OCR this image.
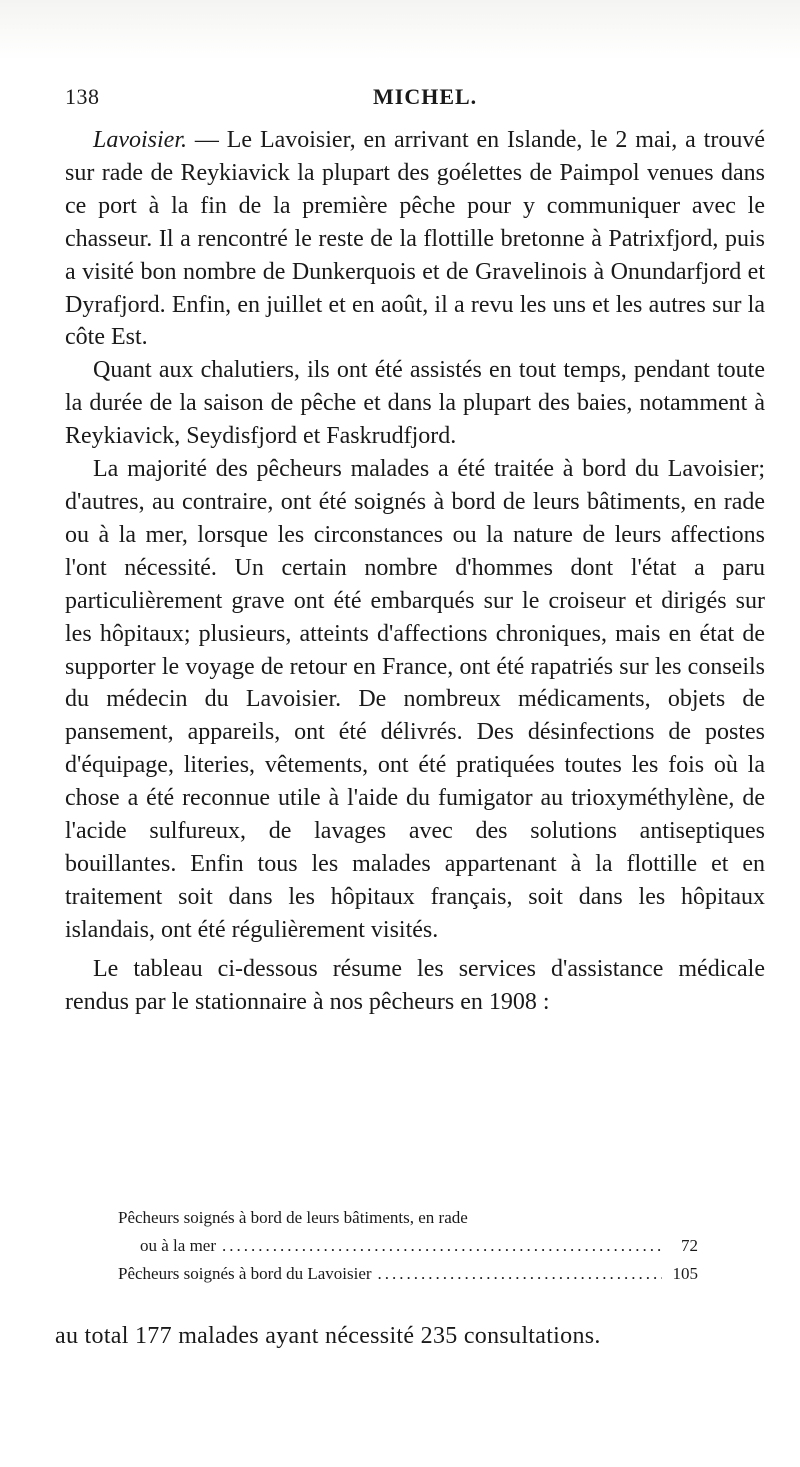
138	MICHEL.

Lavoisier. — Le Lavoisier, en arrivant en Islande, le 2 mai, a trouvé sur rade de Reykiavick la plupart des goélettes de Paimpol venues dans ce port à la fin de la première pêche pour y communiquer avec le chasseur. Il a rencontré le reste de la flottille bretonne à Patrixfjord, puis a visité bon nombre de Dunkerquois et de Gravelinois à Onundarfjord et Dyrafjord. Enfin, en juillet et en août, il a revu les uns et les autres sur la côte Est.

Quant aux chalutiers, ils ont été assistés en tout temps, pendant toute la durée de la saison de pêche et dans la plupart des baies, notamment à Reykiavick, Seydisfjord et Faskrudfjord.

La majorité des pêcheurs malades a été traitée à bord du Lavoisier; d'autres, au contraire, ont été soignés à bord de leurs bâtiments, en rade ou à la mer, lorsque les circonstances ou la nature de leurs affections l'ont nécessité. Un certain nombre d'hommes dont l'état a paru particulièrement grave ont été embarqués sur le croiseur et dirigés sur les hôpitaux; plusieurs, atteints d'affections chroniques, mais en état de supporter le voyage de retour en France, ont été rapatriés sur les conseils du médecin du Lavoisier. De nombreux médicaments, objets de pansement, appareils, ont été délivrés. Des désinfections de postes d'équipage, literies, vêtements, ont été pratiquées toutes les fois où la chose a été reconnue utile à l'aide du fumigator au trioxyméthylène, de l'acide sulfureux, de lavages avec des solutions antiseptiques bouillantes. Enfin tous les malades appartenant à la flottille et en traitement soit dans les hôpitaux français, soit dans les hôpitaux islandais, ont été régulièrement visités.

Le tableau ci-dessous résume les services d'assistance médicale rendus par le stationnaire à nos pêcheurs en 1908 :

Pêcheurs soignés à bord de leurs bâtiments, en rade
ou à la mer .....	72
Pêcheurs soignés à bord du Lavoisier .....	105
au total 177 malades ayant nécessité 235 consultations.
